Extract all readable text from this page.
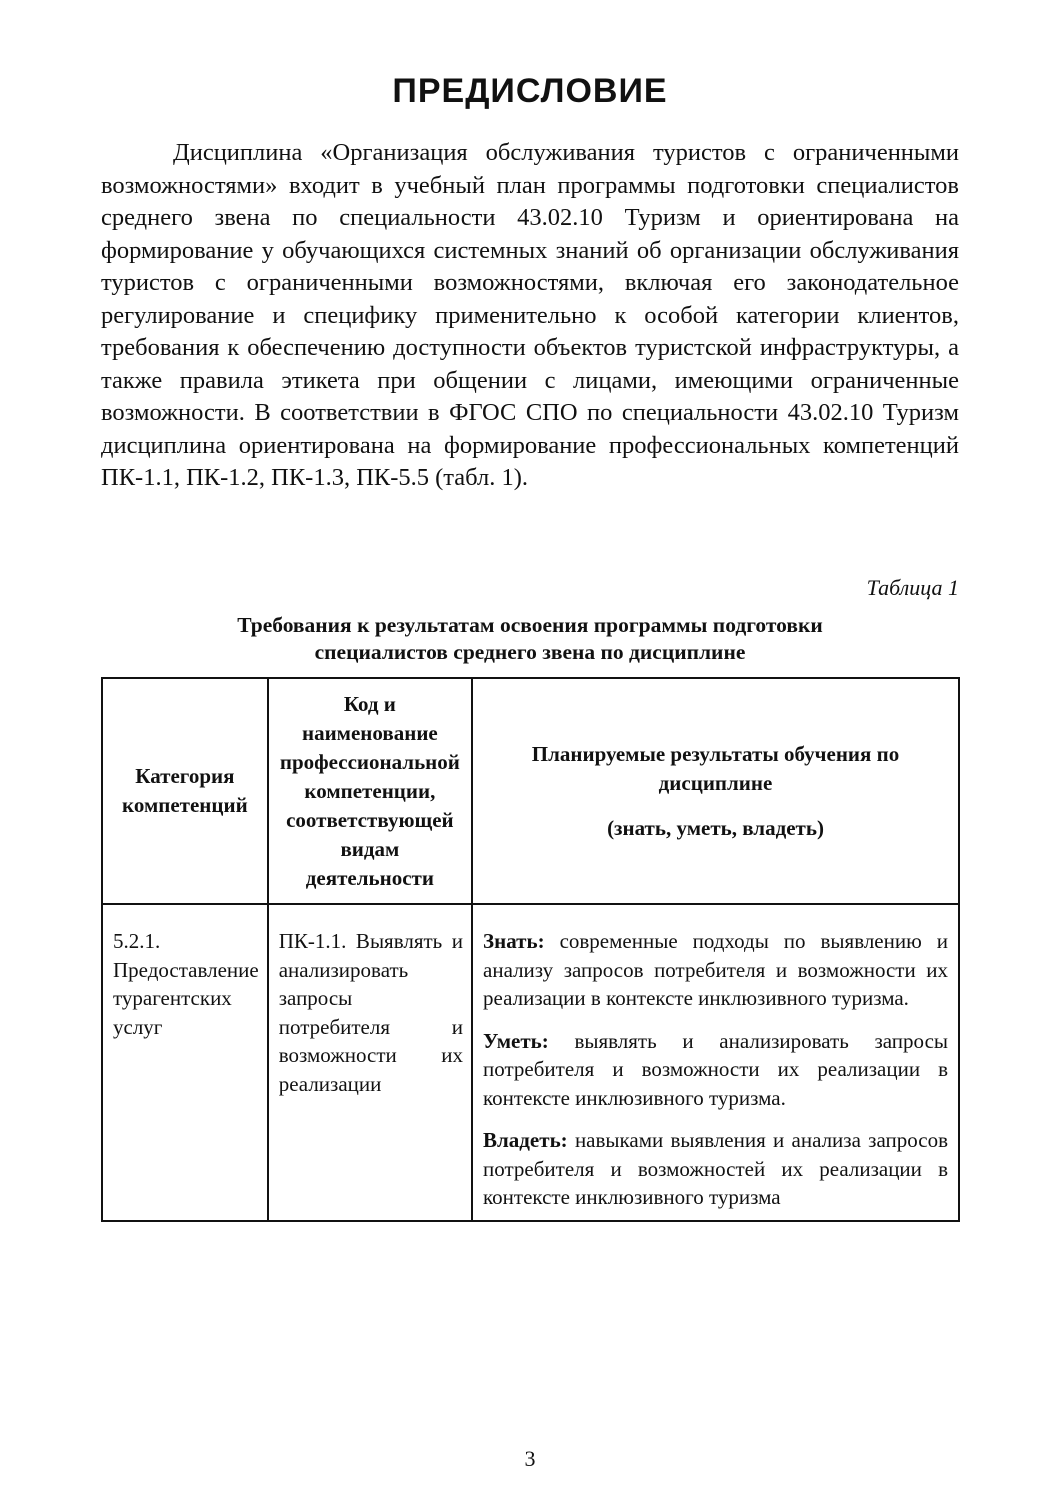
ПРЕДИСЛОВИЕ

Дисциплина «Организация обслуживания туристов с ограниченными возможностями» входит в учебный план программы подготовки специалистов среднего звена по специальности 43.02.10 Туризм и ориентирована на формирование у обучающихся системных знаний об организации обслуживания туристов с ограниченными возможностями, включая его законодательное регулирование и специфику применительно к особой категории клиентов, требования к обеспечению доступности объектов туристской инфраструктуры, а также правила этикета при общении с лицами, имеющими ограниченные возможности. В соответствии в ФГОС СПО по специальности 43.02.10 Туризм дисциплина ориентирована на формирование профессиональных компетенций ПК-1.1, ПК-1.2, ПК-1.3, ПК-5.5 (табл. 1).

Таблица 1

Требования к результатам освоения программы подготовки
специалистов среднего звена по дисциплине
Категория компетенций	Код и наименование профессиональной компетенции, соответствующей видам деятельности	Планируемые результаты обучения по дисциплине
(знать, уметь, владеть)

5.2.1. Предоставление турагентских услуг	ПК-1.1. Выявлять и анализировать запросы потребителя и возможности их реализации	Знать: современные подходы по выявлению и анализу запросов потребителя и возможности их реализации в контексте инклюзивного туризма.

Уметь: выявлять и анализировать запросы потребителя и возможности их реализации в контексте инклюзивного туризма.

Владеть: навыками выявления и анализа запросов потребителя и возможностей их реализации в контексте инклюзивного туризма

3
